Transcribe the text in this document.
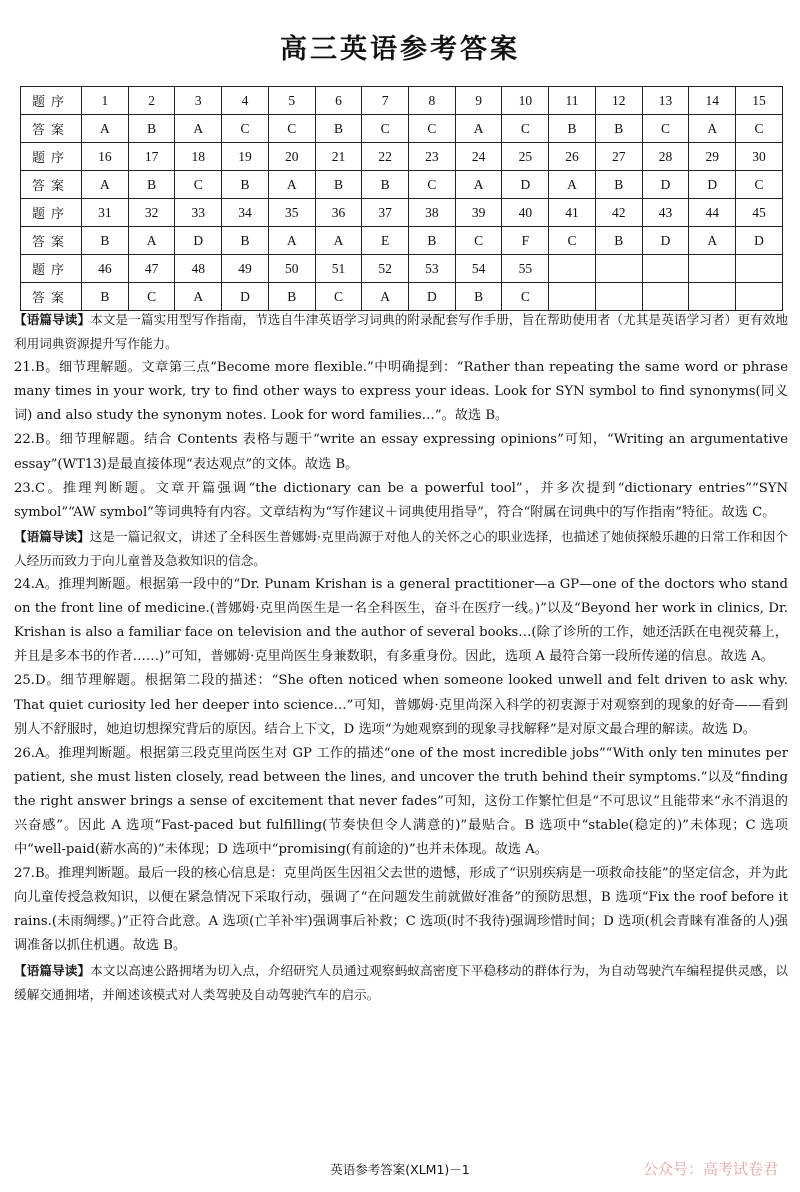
高三英语参考答案
题序	1	2	3	4	5	6	7	8	9	10	11	12	13	14	15
答案	A	B	A	C	C	B	C	C	A	C	B	B	C	A	C
题序	16	17	18	19	20	21	22	23	24	25	26	27	28	29	30
答案	A	B	C	B	A	B	B	C	A	D	A	B	D	D	C
题序	31	32	33	34	35	36	37	38	39	40	41	42	43	44	45
答案	B	A	D	B	A	A	E	B	C	F	C	B	D	A	D
题序	46	47	48	49	50	51	52	53	54	55					
答案	B	C	A	D	B	C	A	D	B	C					

【语篇导读】本文是一篇实用型写作指南，节选自牛津英语学习词典的附录配套写作手册，旨在帮助使用者（尤其是英语学习者）更有效地利用词典资源提升写作能力。

21.B。细节理解题。文章第三点“Become more flexible.”中明确提到：“Rather than repeating the same word or phrase many times in your work, try to find other ways to express your ideas. Look for SYN symbol to find synonyms(同义词) and also study the synonym notes. Look for word families…”。故选 B。

22.B。细节理解题。结合 Contents 表格与题干“write an essay expressing opinions”可知，“Writing an argumentative essay”(WT13)是最直接体现“表达观点”的文体。故选 B。

23.C。推理判断题。文章开篇强调“the dictionary can be a powerful tool”，并多次提到“dictionary entries”“SYN symbol”“AW symbol”等词典特有内容。文章结构为“写作建议＋词典使用指导”，符合“附属在词典中的写作指南”特征。故选 C。

【语篇导读】这是一篇记叙文，讲述了全科医生普娜姆·克里尚源于对他人的关怀之心的职业选择，也描述了她侦探般乐趣的日常工作和因个人经历而致力于向儿童普及急救知识的信念。

24.A。推理判断题。根据第一段中的“Dr. Punam Krishan is a general practitioner—a GP—one of the doctors who stand on the front line of medicine.(普娜姆·克里尚医生是一名全科医生，奋斗在医疗一线。)”以及“Beyond her work in clinics, Dr. Krishan is also a familiar face on television and the author of several books…(除了诊所的工作，她还活跃在电视荧幕上，并且是多本书的作者……)”可知，普娜姆·克里尚医生身兼数职，有多重身份。因此，选项 A 最符合第一段所传递的信息。故选 A。

25.D。细节理解题。根据第二段的描述：“She often noticed when someone looked unwell and felt driven to ask why. That quiet curiosity led her deeper into science…”可知，普娜姆·克里尚深入科学的初衷源于对观察到的现象的好奇——看到别人不舒服时，她迫切想探究背后的原因。结合上下文，D 选项“为她观察到的现象寻找解释”是对原文最合理的解读。故选 D。

26.A。推理判断题。根据第三段克里尚医生对 GP 工作的描述“one of the most incredible jobs”“With only ten minutes per patient, she must listen closely, read between the lines, and uncover the truth behind their symptoms.”以及“finding the right answer brings a sense of excitement that never fades”可知，这份工作繁忙但是“不可思议”且能带来“永不消退的兴奋感”。因此 A 选项“Fast-paced but fulfilling(节奏快但令人满意的)”最贴合。B 选项中“stable(稳定的)”未体现；C 选项中“well-paid(薪水高的)”未体现；D 选项中“promising(有前途的)”也并未体现。故选 A。

27.B。推理判断题。最后一段的核心信息是：克里尚医生因祖父去世的遗憾，形成了“识别疾病是一项救命技能”的坚定信念，并为此向儿童传授急救知识，以便在紧急情况下采取行动，强调了“在问题发生前就做好准备”的预防思想，B 选项“Fix the roof before it rains.(未雨绸缪。)”正符合此意。A 选项(亡羊补牢)强调事后补救；C 选项(时不我待)强调珍惜时间；D 选项(机会青睐有准备的人)强调准备以抓住机遇。故选 B。

【语篇导读】本文以高速公路拥堵为切入点，介绍研究人员通过观察蚂蚁高密度下平稳移动的群体行为，为自动驾驶汽车编程提供灵感，以缓解交通拥堵，并阐述该模式对人类驾驶及自动驾驶汽车的启示。

英语参考答案(XLM1)－1	公众号：高考试卷君
